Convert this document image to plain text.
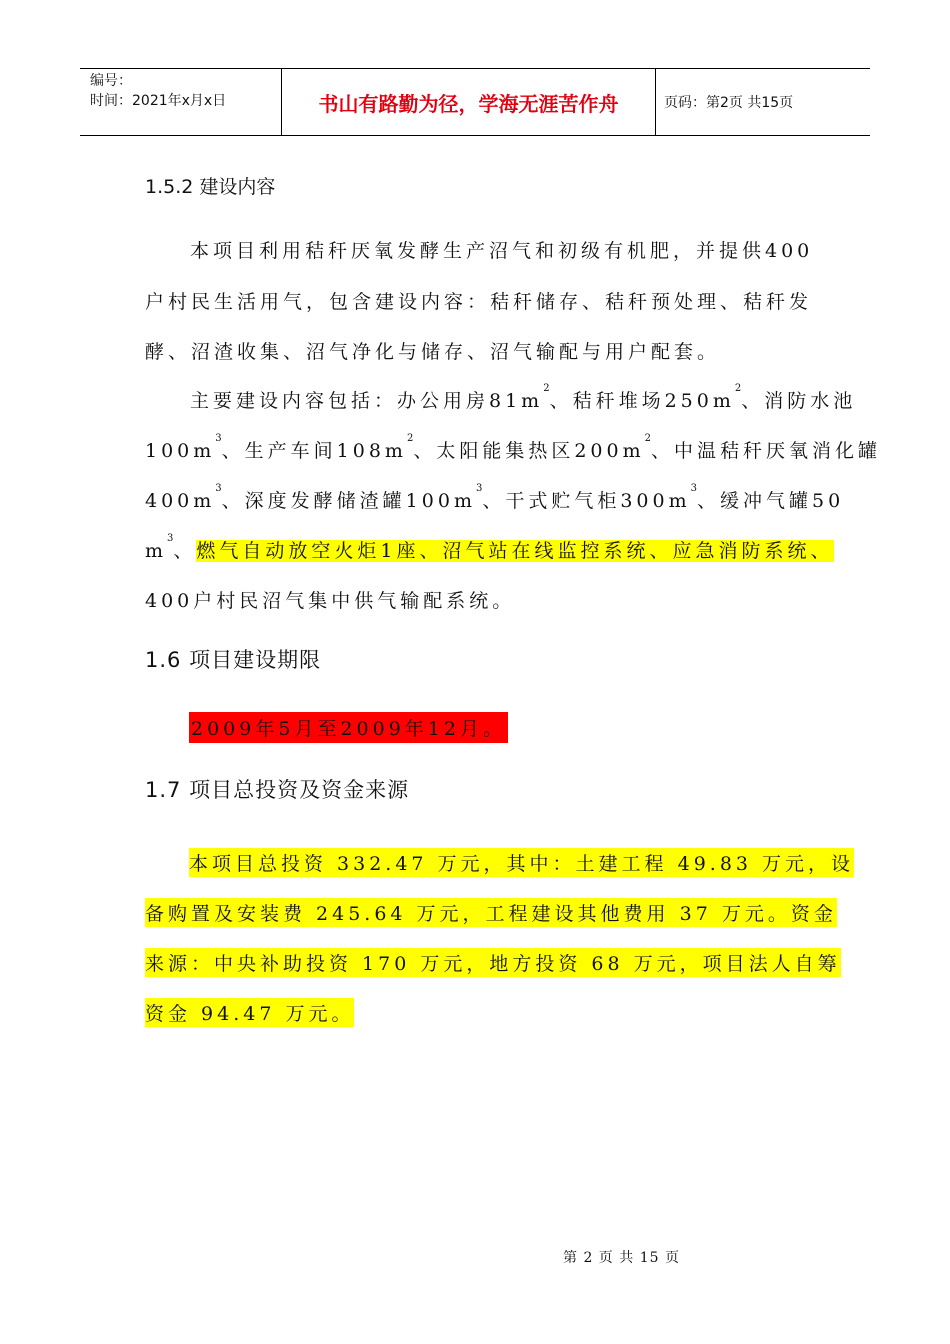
编号：
时间：2021年x月x日	书山有路勤为径，学海无涯苦作舟	页码：第2页 共15页
1.5.2 建设内容
本项目利用秸秆厌氧发酵生产沼气和初级有机肥，并提供400
户村民生活用气，包含建设内容：秸秆储存、秸秆预处理、秸秆发
酵、沼渣收集、沼气净化与储存、沼气输配与用户配套。
主要建设内容包括：办公用房$81m^2$、秸秆堆场$250m^2$、消防水池
$100m^3$、生产车间$108m^2$、太阳能集热区$200m^2$、中温秸秆厌氧消化罐
$400m^3$、深度发酵储渣罐$100m^3$、干式贮气柜$300m^3$、缓冲气罐50
$m^3$、燃气自动放空火炬1座、沼气站在线监控系统、应急消防系统、
400户村民沼气集中供气输配系统。
1.6 项目建设期限
2009年5月至2009年12月。
1.7 项目总投资及资金来源
本项目总投资 332.47 万元，其中：土建工程 49.83 万元，设
备购置及安装费 245.64 万元，工程建设其他费用 37 万元。资金
来源：中央补助投资 170 万元，地方投资 68 万元，项目法人自筹
资金 94.47 万元。
第 2 页 共 15 页
